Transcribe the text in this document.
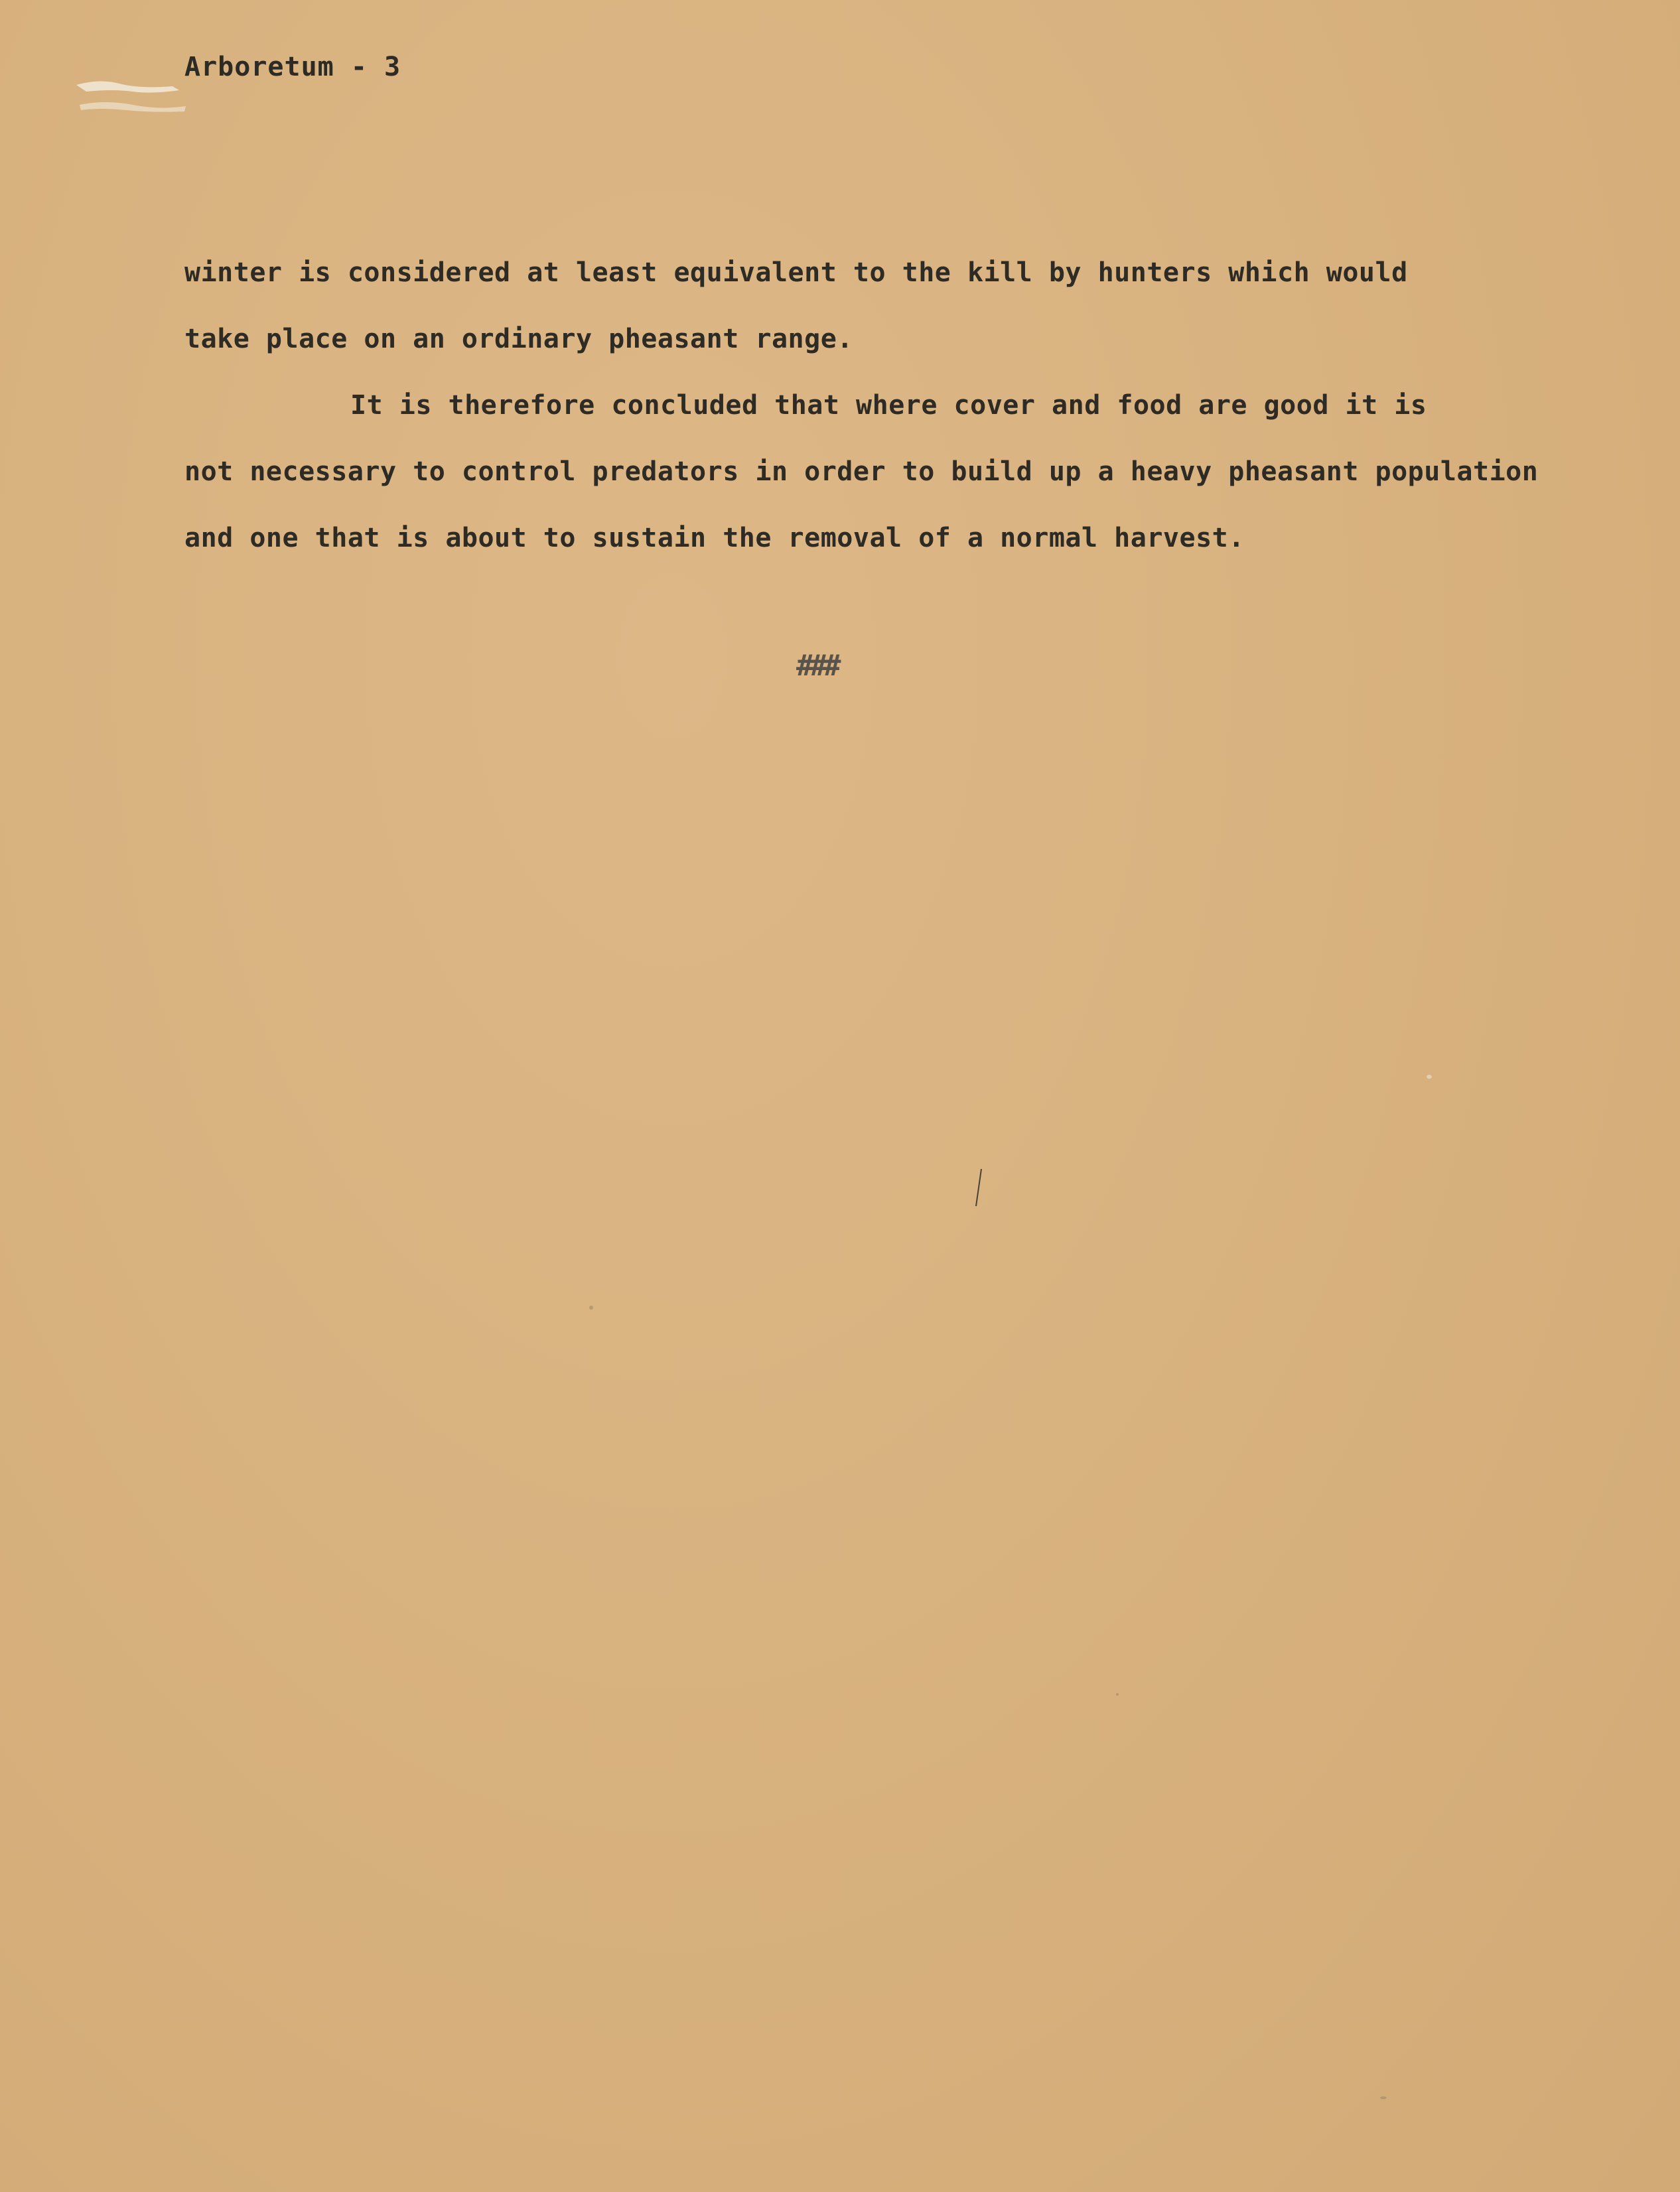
Arboretum - 3
winter is considered at least equivalent to the kill by hunters which would
take place on an ordinary pheasant range.
It is therefore concluded that where cover and food are good it is
not necessary to control predators in order to build up a heavy pheasant population
and one that is about to sustain the removal of a normal harvest.
###
